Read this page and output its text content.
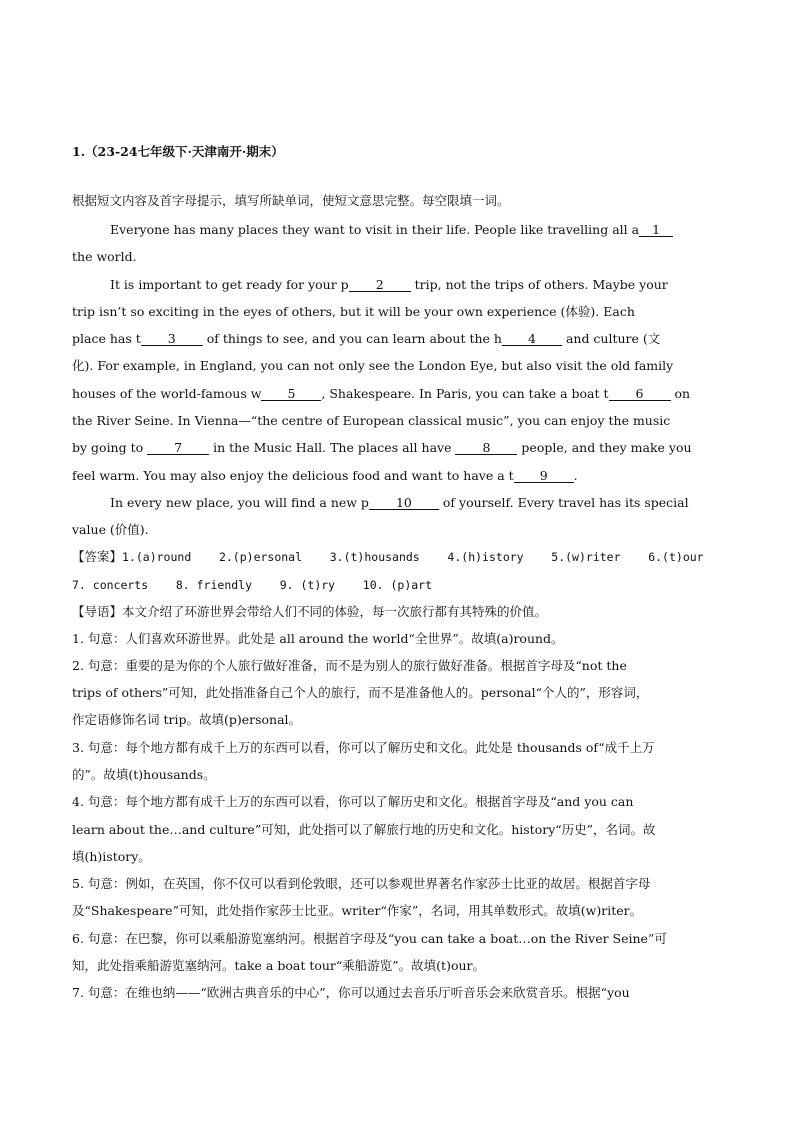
1.（23-24七年级下·天津南开·期末）
根据短文内容及首字母提示，填写所缺单词，使短文意思完整。每空限填一词。
Everyone has many places they want to visit in their life. People like travelling all a 1
the world.
It is important to get ready for your p 2 trip, not the trips of others. Maybe your
trip isn’t so exciting in the eyes of others, but it will be your own experience (体验). Each
place has t 3 of things to see, and you can learn about the h 4 and culture (文
化). For example, in England, you can not only see the London Eye, but also visit the old family
houses of the world-famous w 5 , Shakespeare. In Paris, you can take a boat t 6 on
the River Seine. In Vienna—“the centre of European classical music”, you can enjoy the music
by going to 7 in the Music Hall. The places all have 8 people, and they make you
feel warm. You may also enjoy the delicious food and want to have a t 9 .
In every new place, you will find a new p 10 of yourself. Every travel has its special
value (价值).
【答案】1.(a)round    2.(p)ersonal    3.(t)housands    4.(h)istory    5.(w)riter    6.(t)our
7. concerts    8. friendly    9. (t)ry    10. (p)art
【导语】本文介绍了环游世界会带给人们不同的体验，每一次旅行都有其特殊的价值。
1. 句意：人们喜欢环游世界。此处是 all around the world“全世界”。故填(a)round。
2. 句意：重要的是为你的个人旅行做好准备，而不是为别人的旅行做好准备。根据首字母及“not the
trips of others”可知，此处指准备自己个人的旅行，而不是准备他人的。personal“个人的”，形容词，
作定语修饰名词 trip。故填(p)ersonal。
3. 句意：每个地方都有成千上万的东西可以看，你可以了解历史和文化。此处是 thousands of“成千上万
的”。故填(t)housands。
4. 句意：每个地方都有成千上万的东西可以看，你可以了解历史和文化。根据首字母及“and you can
learn about the…and culture”可知，此处指可以了解旅行地的历史和文化。history“历史”，名词。故
填(h)istory。
5. 句意：例如，在英国，你不仅可以看到伦敦眼，还可以参观世界著名作家莎士比亚的故居。根据首字母
及“Shakespeare”可知，此处指作家莎士比亚。writer“作家”，名词，用其单数形式。故填(w)riter。
6. 句意：在巴黎，你可以乘船游览塞纳河。根据首字母及“you can take a boat…on the River Seine”可
知，此处指乘船游览塞纳河。take a boat tour“乘船游览”。故填(t)our。
7. 句意：在维也纳——“欧洲古典音乐的中心”，你可以通过去音乐厅听音乐会来欣赏音乐。根据“you
